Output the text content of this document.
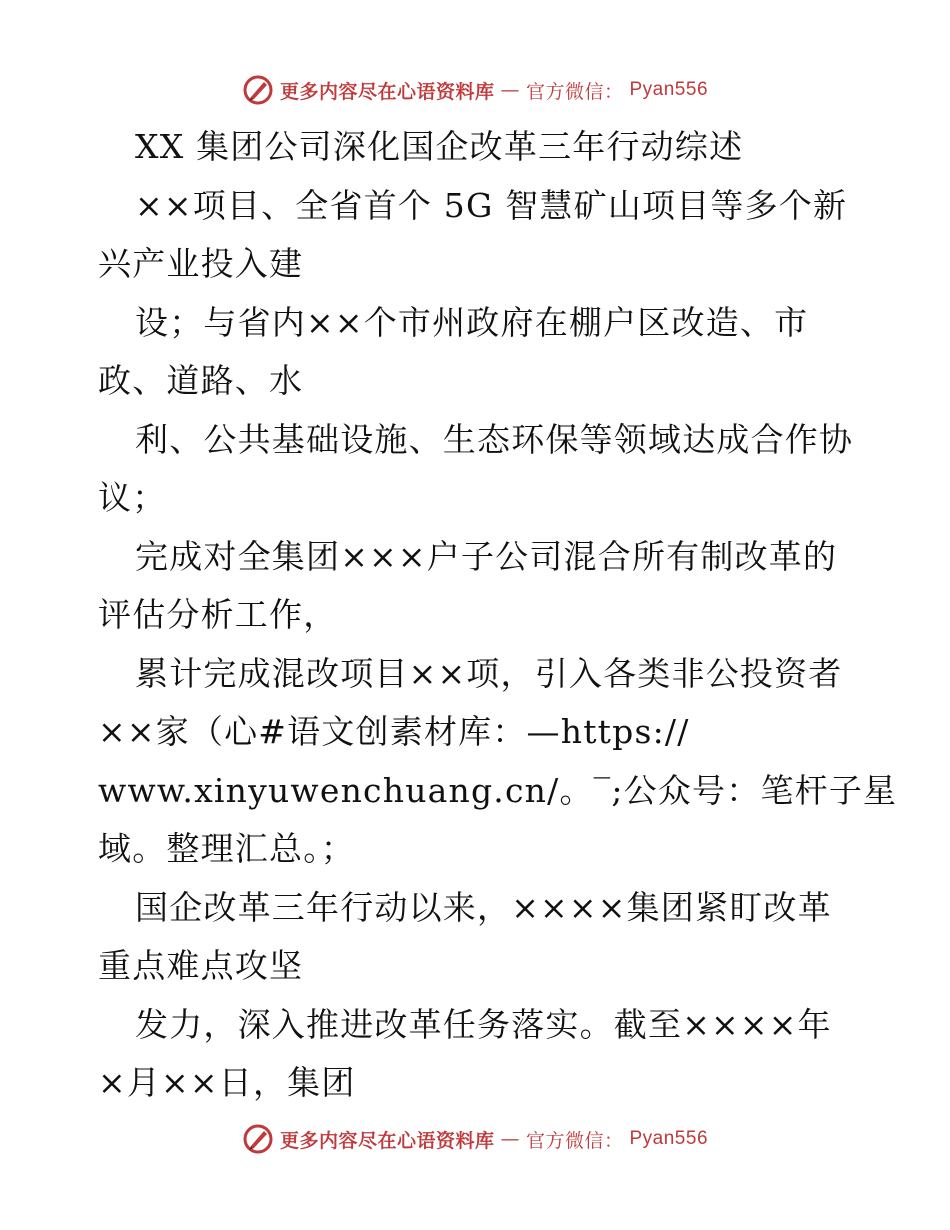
更多内容尽在心语资料库 — 官方微信： Pyan556
XX 集团公司深化国企改革三年行动综述
××项目、全省首个 5G 智慧矿山项目等多个新
兴产业投入建
设；与省内××个市州政府在棚户区改造、市
政、道路、水
利、公共基础设施、生态环保等领域达成合作协
议；
完成对全集团×××户子公司混合所有制改革的
评估分析工作，
累计完成混改项目××项，引入各类非公投资者
××家（心#语文创素材库：—https://
www.xinyuwenchuang.cn/。‾;公众号：笔杆子星
域。整理汇总。；
国企改革三年行动以来，××××集团紧盯改革
重点难点攻坚
发力，深入推进改革任务落实。截至××××年
×月××日，集团
更多内容尽在心语资料库 — 官方微信： Pyan556
